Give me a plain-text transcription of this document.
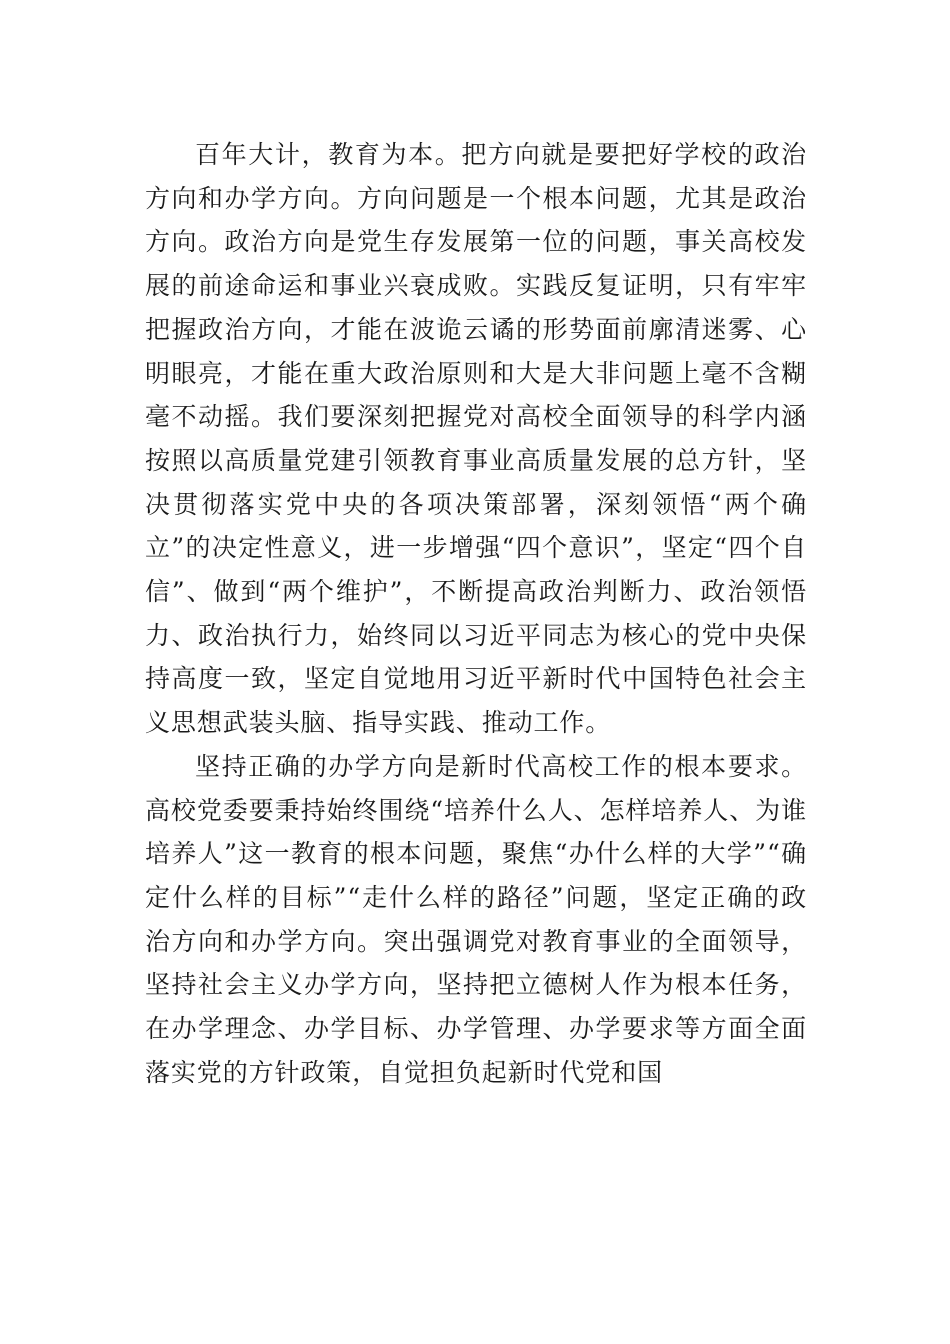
百年大计，教育为本。把方向就是要把好学校的政治方向和办学方向。方向问题是一个根本问题，尤其是政治方向。政治方向是党生存发展第一位的问题，事关高校发展的前途命运和事业兴衰成败。实践反复证明，只有牢牢把握政治方向，才能在波诡云谲的形势面前廓清迷雾、心明眼亮，才能在重大政治原则和大是大非问题上毫不含糊毫不动摇。我们要深刻把握党对高校全面领导的科学内涵按照以高质量党建引领教育事业高质量发展的总方针，坚决贯彻落实党中央的各项决策部署，深刻领悟“两个确立”的决定性意义，进一步增强“四个意识”，坚定“四个自信”、做到“两个维护”，不断提高政治判断力、政治领悟力、政治执行力，始终同以习近平同志为核心的党中央保持高度一致，坚定自觉地用习近平新时代中国特色社会主义思想武装头脑、指导实践、推动工作。

坚持正确的办学方向是新时代高校工作的根本要求。高校党委要秉持始终围绕“培养什么人、怎样培养人、为谁培养人”这一教育的根本问题，聚焦“办什么样的大学”“确定什么样的目标”“走什么样的路径”问题，坚定正确的政治方向和办学方向。突出强调党对教育事业的全面领导，坚持社会主义办学方向，坚持把立德树人作为根本任务，在办学理念、办学目标、办学管理、办学要求等方面全面落实党的方针政策，自觉担负起新时代党和国
